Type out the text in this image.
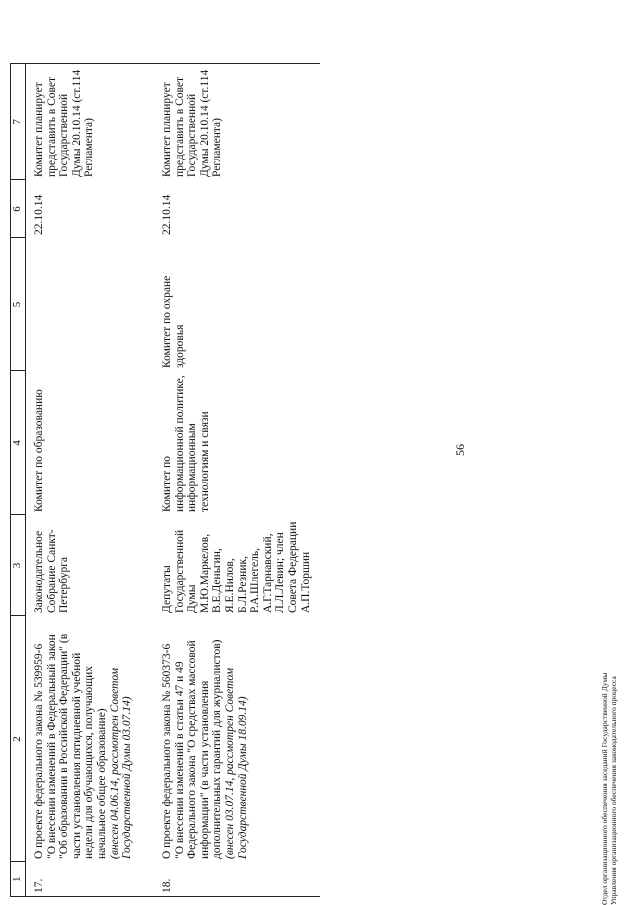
56
1	2	3	4	5	6	7

17.	О проекте федерального закона № 539959-6 "О внесении изменений в Федеральный закон "Об образовании в Российской Федерации" (в части установления пятидневной учебной недели для обучающихся, получающих начальное общее образование) (внесен 04.06.14, рассмотрен Советом Государственной Думы 03.07.14)	Законодательное Собрание Санкт-Петербурга	Комитет по образованию		22.10.14	Комитет планирует представить в Совет Государственной Думы 20.10.14 (ст.114 Регламента)
18.	О проекте федерального закона № 560373-6 "О внесении изменений в статьи 47 и 49 Федерального закона "О средствах массовой информации" (в части установления дополнительных гарантий для журналистов) (внесен 03.07.14, рассмотрен Советом Государственной Думы 18.09.14)	Депутаты Государственной Думы М.Ю.Маркелов, В.Е.Деньгин, Я.Е.Нилов, Б.Л.Резник, Р.А.Шлегель, А.Г.Тарнавский, Л.Л.Левин; член Совета Федерации А.П.Торшин	Комитет по информационной политике, информационным технологиям и связи	Комитет по охране здоровья	22.10.14	Комитет планирует представить в Совет Государственной Думы 20.10.14 (ст.114 Регламента)
Отдел организационного обеспечения заседаний Государственной Думы Управления организационного обеспечения законодательного процесса
